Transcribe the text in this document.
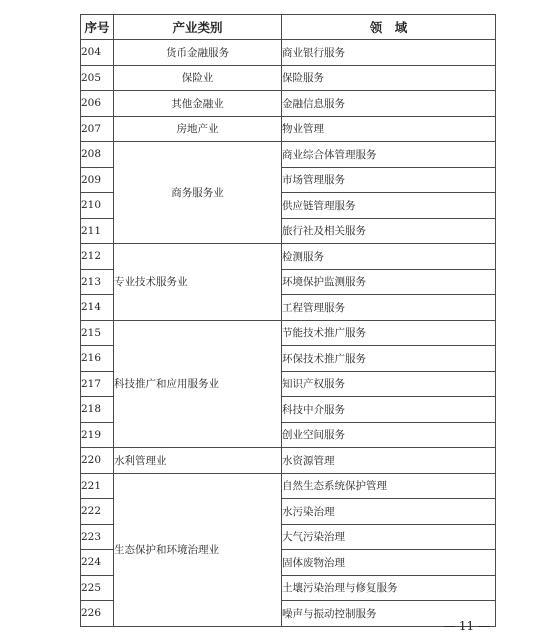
序号	产业类别	领　域
204	货币金融服务	商业银行服务
205	保险业	保险服务
206	其他金融业	金融信息服务
207	房地产业	物业管理
208	商务服务业	商业综合体管理服务
209		市场管理服务
210		供应链管理服务
211		旅行社及相关服务
212	专业技术服务业	检测服务
213		环境保护监测服务
214		工程管理服务
215	科技推广和应用服务业	节能技术推广服务
216		环保技术推广服务
217		知识产权服务
218		科技中介服务
219		创业空间服务
220	水利管理业	水资源管理
221	生态保护和环境治理业	自然生态系统保护管理
222		水污染治理
223		大气污染治理
224		固体废物治理
225		土壤污染治理与修复服务
226		噪声与振动控制服务
— 11 —
